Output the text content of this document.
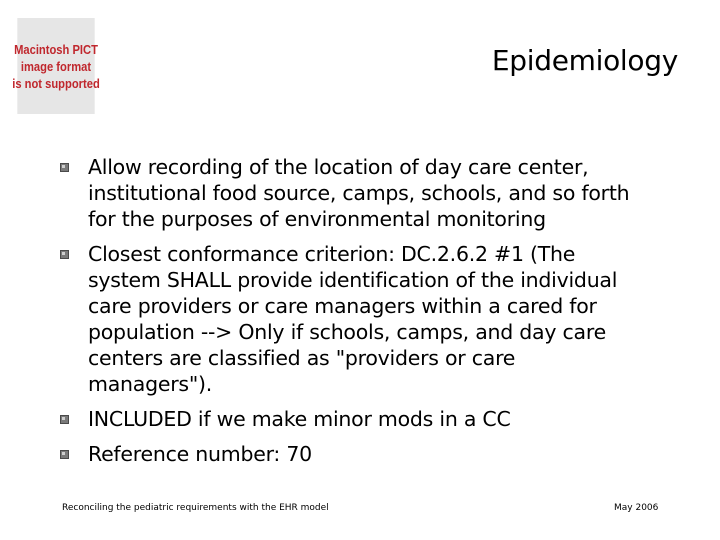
Macintosh PICT
image format
is not supported
Epidemiology
Allow recording of the location of day care center,
institutional food source, camps, schools, and so forth
for the purposes of environmental monitoring
Closest conformance criterion: DC.2.6.2 #1 (The
system SHALL provide identification of the individual
care providers or care managers within a cared for
population --> Only if schools, camps, and day care
centers are classified as "providers or care
managers").
INCLUDED if we make minor mods in a CC
Reference number: 70
Reconciling the pediatric requirements with the EHR model	May 2006
